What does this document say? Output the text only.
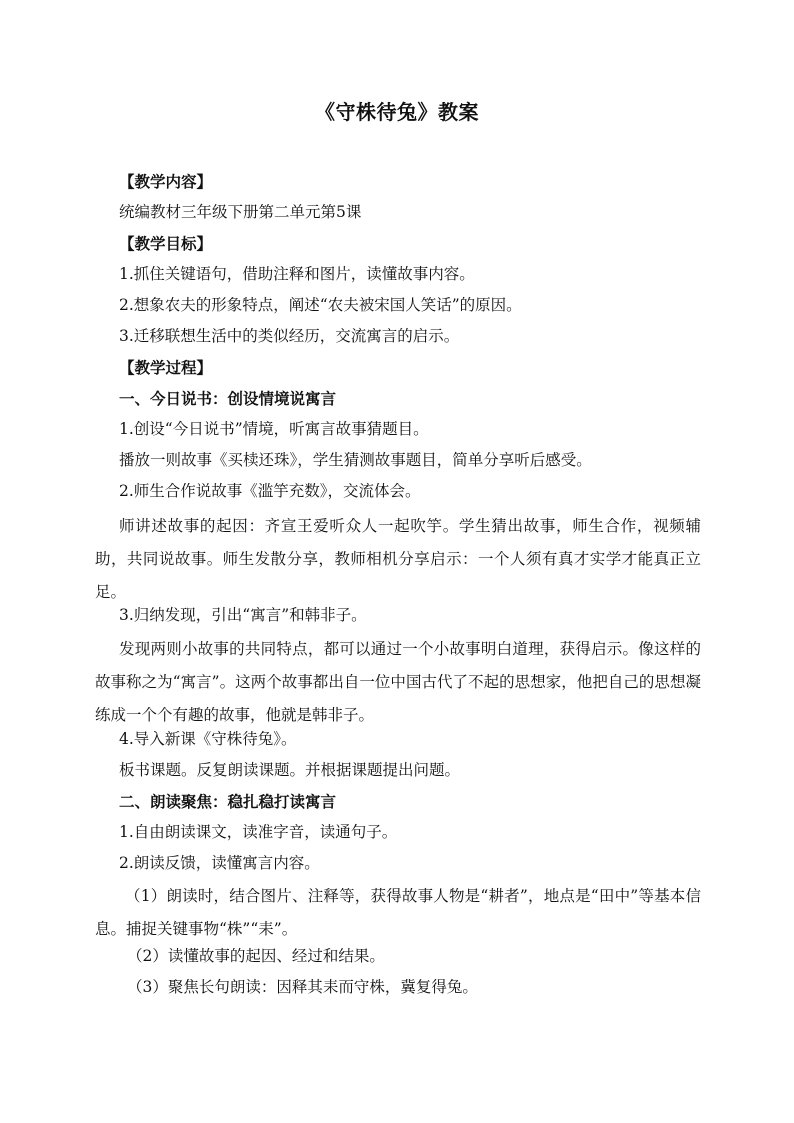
《守株待兔》教案
【教学内容】
统编教材三年级下册第二单元第5课
【教学目标】
1.抓住关键语句，借助注释和图片，读懂故事内容。
2.想象农夫的形象特点，阐述“农夫被宋国人笑话”的原因。
3.迁移联想生活中的类似经历，交流寓言的启示。
【教学过程】
一、今日说书：创设情境说寓言
1.创设“今日说书”情境，听寓言故事猜题目。
播放一则故事《买椟还珠》，学生猜测故事题目，简单分享听后感受。
2.师生合作说故事《滥竽充数》，交流体会。
师讲述故事的起因：齐宣王爱听众人一起吹竽。学生猜出故事，师生合作，视频辅助，共同说故事。师生发散分享，教师相机分享启示：一个人须有真才实学才能真正立足。
3.归纳发现，引出“寓言”和韩非子。
发现两则小故事的共同特点，都可以通过一个小故事明白道理，获得启示。像这样的故事称之为“寓言”。这两个故事都出自一位中国古代了不起的思想家，他把自己的思想凝练成一个个有趣的故事，他就是韩非子。
4.导入新课《守株待兔》。
板书课题。反复朗读课题。并根据课题提出问题。
二、朗读聚焦：稳扎稳打读寓言
1.自由朗读课文，读准字音，读通句子。
2.朗读反馈，读懂寓言内容。
（1）朗读时，结合图片、注释等，获得故事人物是“耕者”，地点是“田中”等基本信息。捕捉关键事物“株”“耒”。
（2）读懂故事的起因、经过和结果。
（3）聚焦长句朗读：因释其耒而守株，冀复得兔。
